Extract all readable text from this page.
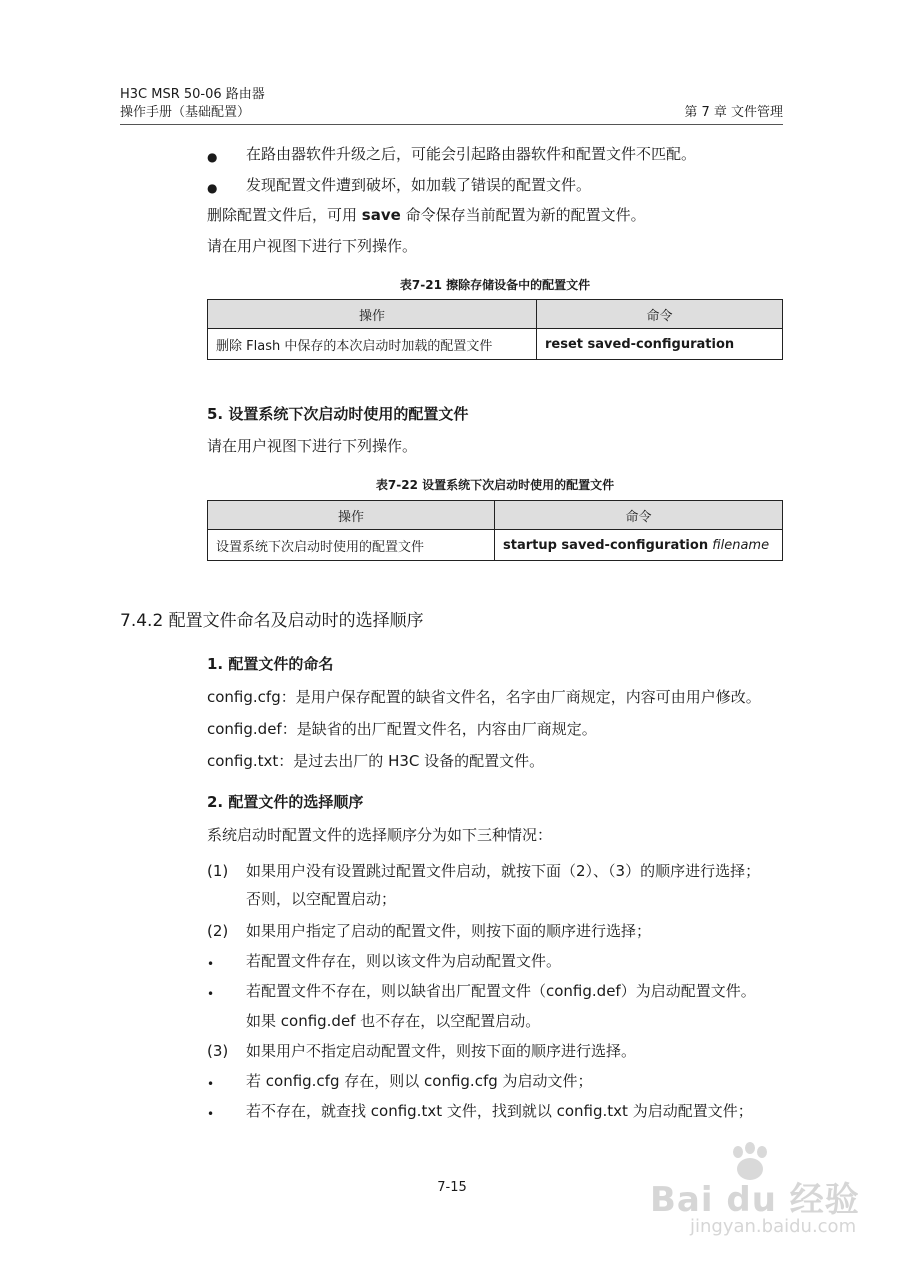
H3C MSR 50-06 路由器
操作手册（基础配置）	第 7 章 文件管理
● 在路由器软件升级之后，可能会引起路由器软件和配置文件不匹配。
● 发现配置文件遭到破坏，如加载了错误的配置文件。
删除配置文件后，可用 save 命令保存当前配置为新的配置文件。
请在用户视图下进行下列操作。
表7-21 擦除存储设备中的配置文件
操作	命令
删除 Flash 中保存的本次启动时加载的配置文件	reset saved-configuration
5. 设置系统下次启动时使用的配置文件
请在用户视图下进行下列操作。
表7-22 设置系统下次启动时使用的配置文件
操作	命令
设置系统下次启动时使用的配置文件	startup saved-configuration filename
7.4.2 配置文件命名及启动时的选择顺序
1. 配置文件的命名
config.cfg：是用户保存配置的缺省文件名，名字由厂商规定，内容可由用户修改。
config.def：是缺省的出厂配置文件名，内容由厂商规定。
config.txt：是过去出厂的 H3C 设备的配置文件。
2. 配置文件的选择顺序
系统启动时配置文件的选择顺序分为如下三种情况：
(1) 如果用户没有设置跳过配置文件启动，就按下面（2）、（3）的顺序进行选择；
否则，以空配置启动；
(2) 如果用户指定了启动的配置文件，则按下面的顺序进行选择；
• 若配置文件存在，则以该文件为启动配置文件。
• 若配置文件不存在，则以缺省出厂配置文件（config.def）为启动配置文件。
如果 config.def 也不存在，以空配置启动。
(3) 如果用户不指定启动配置文件，则按下面的顺序进行选择。
• 若 config.cfg 存在，则以 config.cfg 为启动文件；
• 若不存在，就查找 config.txt 文件，找到就以 config.txt 为启动配置文件；
7-15	Bai du 经验
jingyan.baidu.com
